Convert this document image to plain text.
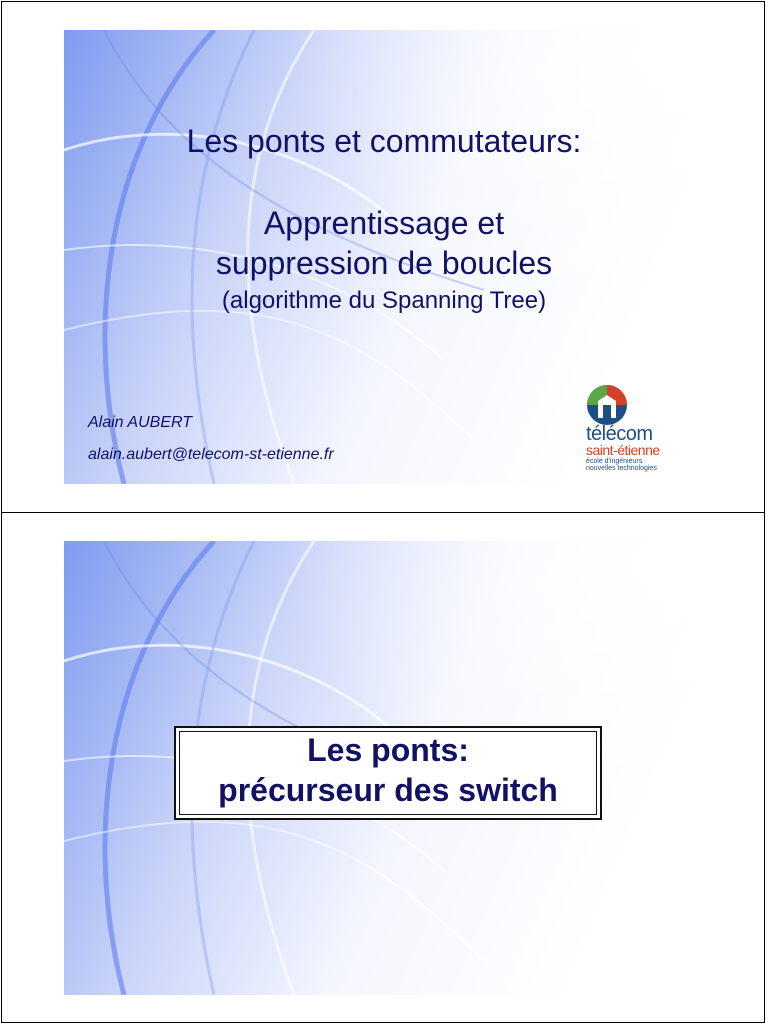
Les ponts et commutateurs:
Apprentissage et
suppression de boucles
(algorithme du Spanning Tree)
Alain AUBERT
alain.aubert@telecom-st-etienne.fr
télécom
saint-étienne
école d'ingénieurs
nouvelles technologies
Les ponts:
précurseur des switch
